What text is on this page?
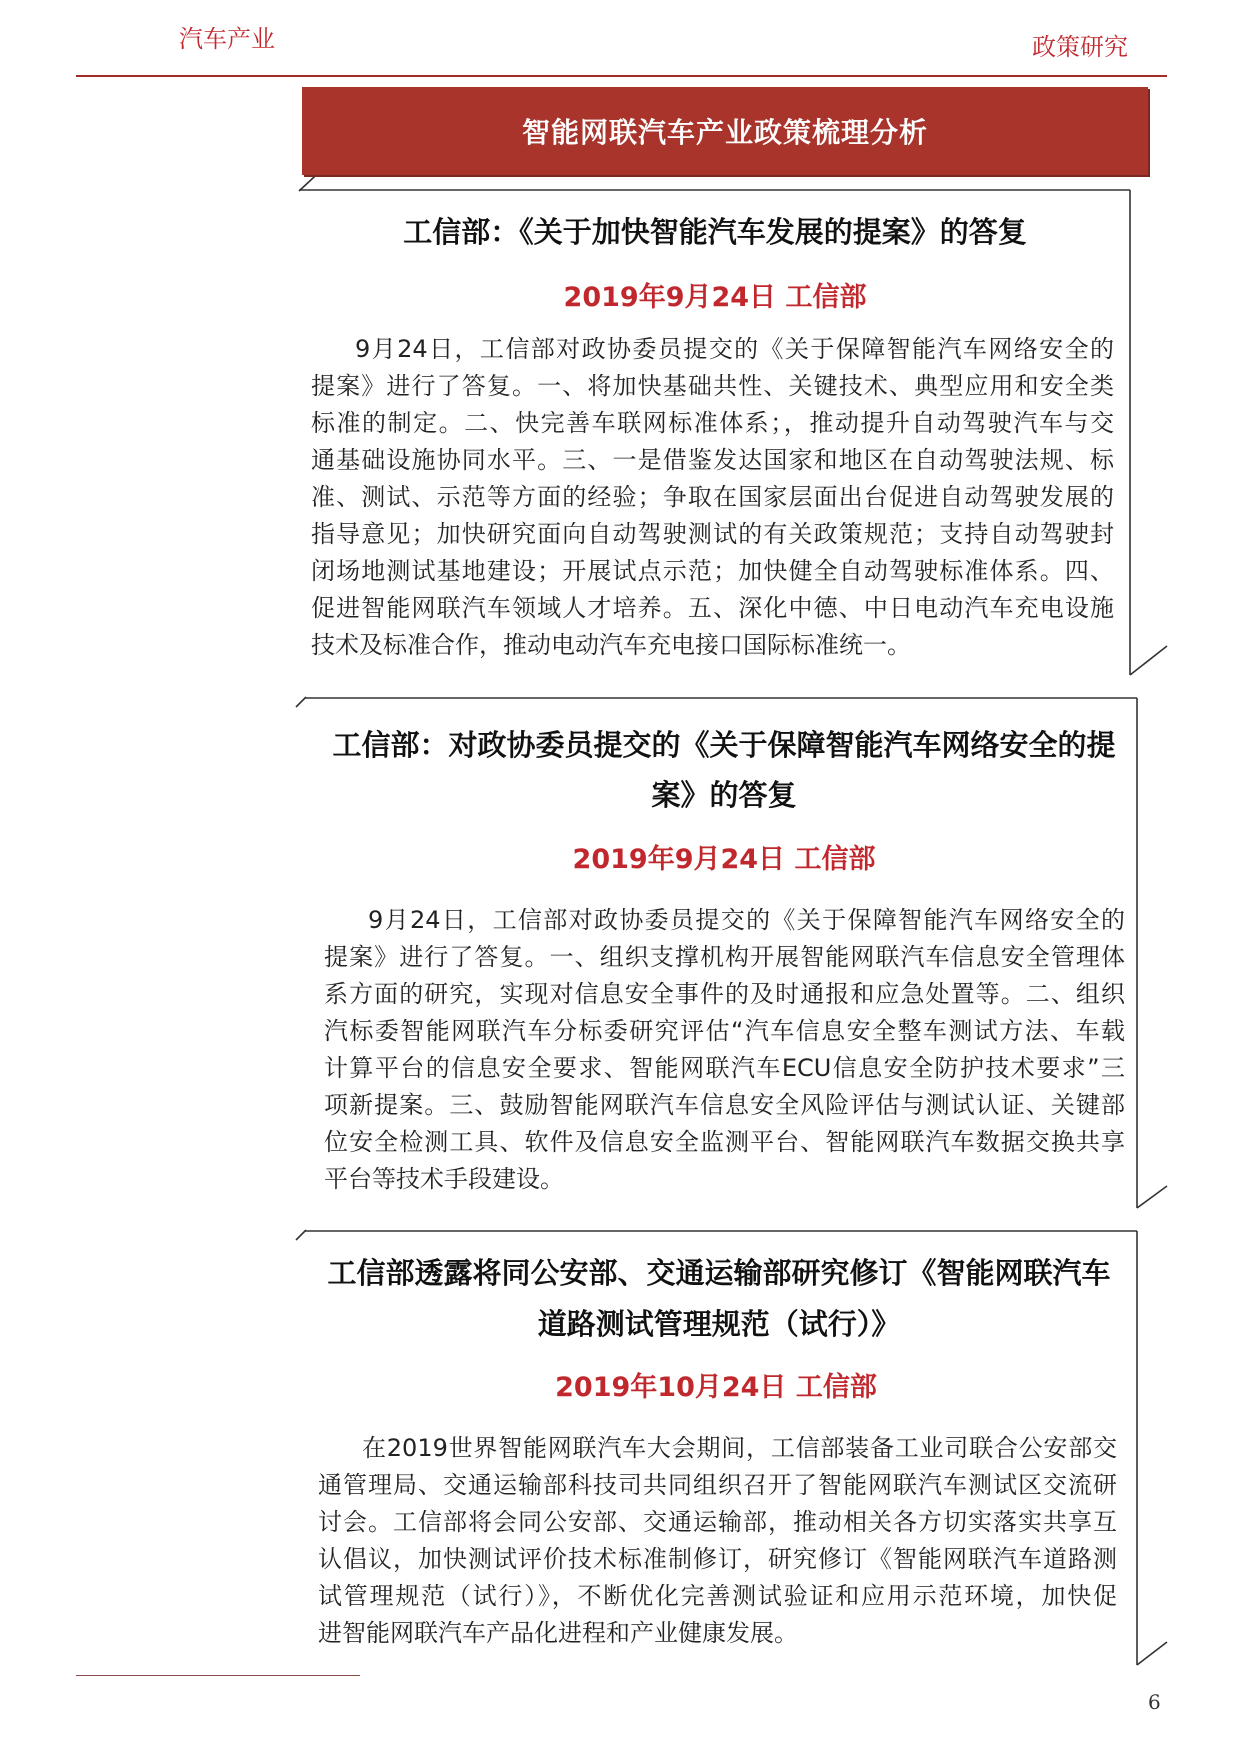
汽车产业	政策研究
智能网联汽车产业政策梳理分析
工信部：《关于加快智能汽车发展的提案》的答复
2019年9月24日 工信部
9月24日，工信部对政协委员提交的《关于保障智能汽车网络安全的
提案》进行了答复。一、将加快基础共性、关键技术、典型应用和安全类
标准的制定。二、快完善车联网标准体系；，推动提升自动驾驶汽车与交
通基础设施协同水平。三、一是借鉴发达国家和地区在自动驾驶法规、标
准、测试、示范等方面的经验；争取在国家层面出台促进自动驾驶发展的
指导意见；加快研究面向自动驾驶测试的有关政策规范；支持自动驾驶封
闭场地测试基地建设；开展试点示范；加快健全自动驾驶标准体系。四、
促进智能网联汽车领域人才培养。五、深化中德、中日电动汽车充电设施
技术及标准合作，推动电动汽车充电接口国际标准统一。
工信部：对政协委员提交的《关于保障智能汽车网络安全的提
案》的答复
2019年9月24日 工信部
9月24日，工信部对政协委员提交的《关于保障智能汽车网络安全的
提案》进行了答复。一、组织支撑机构开展智能网联汽车信息安全管理体
系方面的研究，实现对信息安全事件的及时通报和应急处置等。二、组织
汽标委智能网联汽车分标委研究评估“汽车信息安全整车测试方法、车载
计算平台的信息安全要求、智能网联汽车ECU信息安全防护技术要求”三
项新提案。三、鼓励智能网联汽车信息安全风险评估与测试认证、关键部
位安全检测工具、软件及信息安全监测平台、智能网联汽车数据交换共享
平台等技术手段建设。
工信部透露将同公安部、交通运输部研究修订《智能网联汽车
道路测试管理规范（试行）》
2019年10月24日 工信部
在2019世界智能网联汽车大会期间，工信部装备工业司联合公安部交
通管理局、交通运输部科技司共同组织召开了智能网联汽车测试区交流研
讨会。工信部将会同公安部、交通运输部，推动相关各方切实落实共享互
认倡议，加快测试评价技术标准制修订，研究修订《智能网联汽车道路测
试管理规范（试行）》，不断优化完善测试验证和应用示范环境，加快促
进智能网联汽车产品化进程和产业健康发展。
6
